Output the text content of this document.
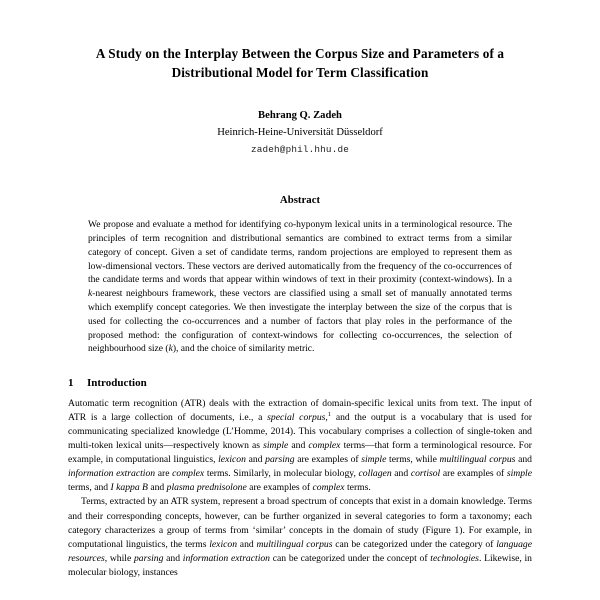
A Study on the Interplay Between the Corpus Size and Parameters of a Distributional Model for Term Classification
Behrang Q. Zadeh
Heinrich-Heine-Universität Düsseldorf
zadeh@phil.hhu.de
Abstract

We propose and evaluate a method for identifying co-hyponym lexical units in a terminological resource. The principles of term recognition and distributional semantics are combined to extract terms from a similar category of concept. Given a set of candidate terms, random projections are employed to represent them as low-dimensional vectors. These vectors are derived automatically from the frequency of the co-occurrences of the candidate terms and words that appear within windows of text in their proximity (context-windows). In a k-nearest neighbours framework, these vectors are classified using a small set of manually annotated terms which exemplify concept categories. We then investigate the interplay between the size of the corpus that is used for collecting the co-occurrences and a number of factors that play roles in the performance of the proposed method: the configuration of context-windows for collecting co-occurrences, the selection of neighbourhood size (k), and the choice of similarity metric.

1	Introduction

Automatic term recognition (ATR) deals with the extraction of domain-specific lexical units from text. The input of ATR is a large collection of documents, i.e., a special corpus,$^1$ and the output is a vocabulary that is used for communicating specialized knowledge (L’Homme, 2014). This vocabulary comprises a collection of single-token and multi-token lexical units—respectively known as simple and complex terms—that form a terminological resource. For example, in computational linguistics, lexicon and parsing are examples of simple terms, while multilingual corpus and information extraction are complex terms. Similarly, in molecular biology, collagen and cortisol are examples of simple terms, and I kappa B and plasma prednisolone are examples of complex terms.

Terms, extracted by an ATR system, represent a broad spectrum of concepts that exist in a domain knowledge. Terms and their corresponding concepts, however, can be further organized in several categories to form a taxonomy; each category characterizes a group of terms from ‘similar’ concepts in the domain of study (Figure 1). For example, in computational linguistics, the terms lexicon and multilingual corpus can be categorized under the category of language resources, while parsing and information extraction can be categorized under the concept of technologies. Likewise, in molecular biology, instances
